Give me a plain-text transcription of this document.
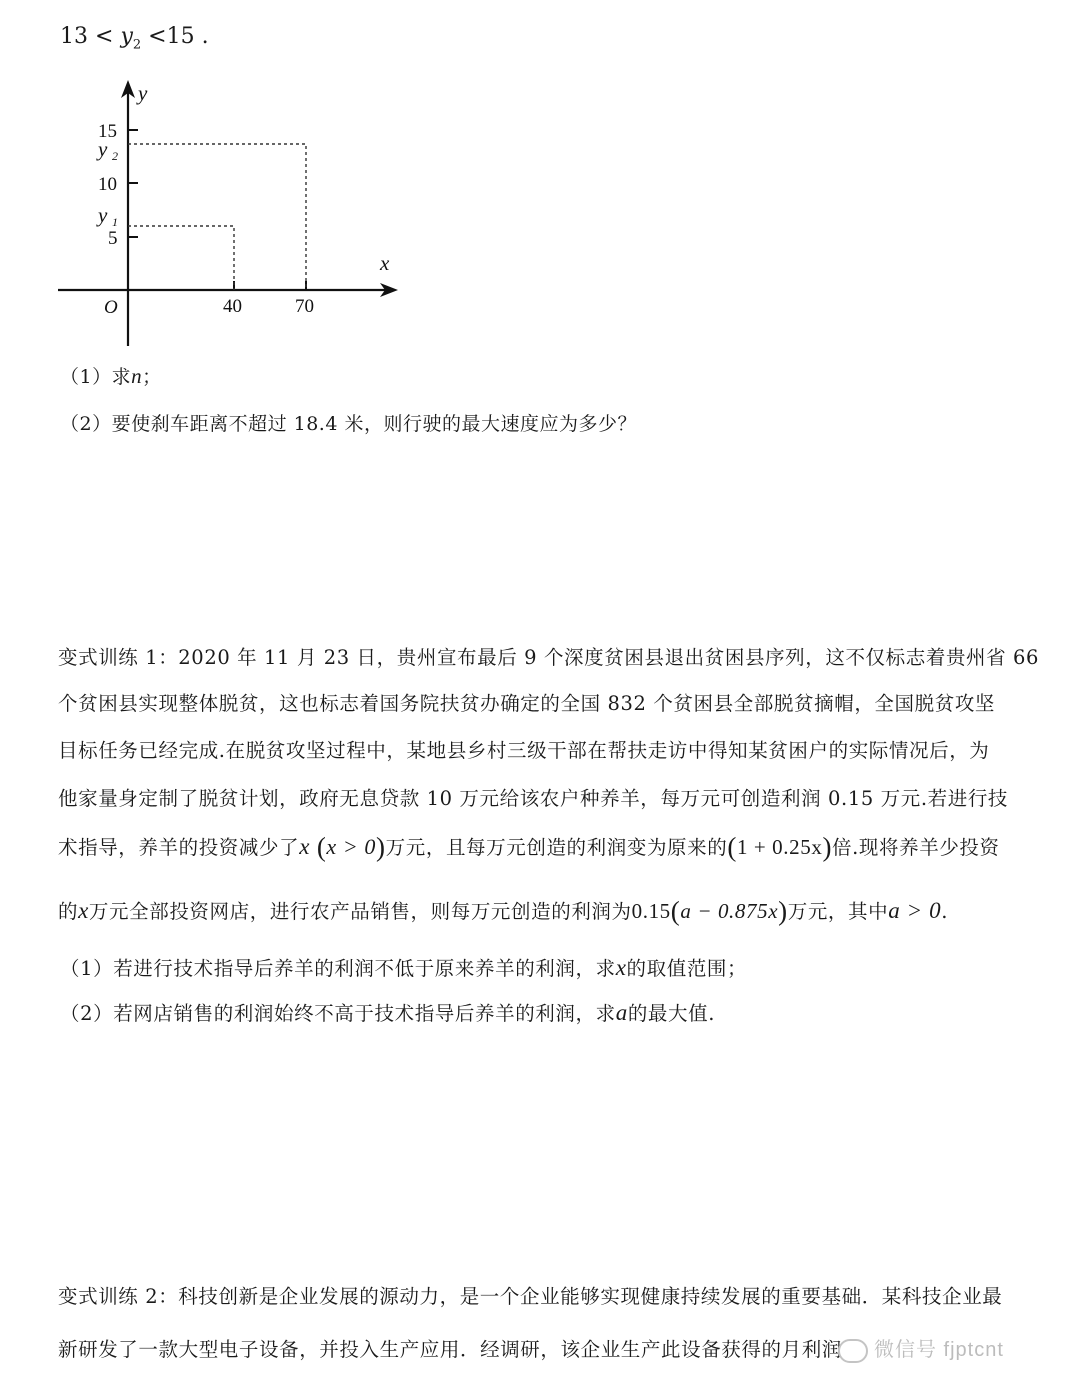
$13 < y_2 <15$ .
y
x
O
15
10
5
y 2
y 1
40	70
（1）求n；
（2）要使刹车距离不超过 18.4 米，则行驶的最大速度应为多少？
变式训练 1：2020 年 11 月 23 日，贵州宣布最后 9 个深度贫困县退出贫困县序列，这不仅标志着贵州省 66
个贫困县实现整体脱贫，这也标志着国务院扶贫办确定的全国 832 个贫困县全部脱贫摘帽，全国脱贫攻坚
目标任务已经完成.在脱贫攻坚过程中，某地县乡村三级干部在帮扶走访中得知某贫困户的实际情况后，为
他家量身定制了脱贫计划，政府无息贷款 10 万元给该农户种养羊，每万元可创造利润 0.15 万元.若进行技
术指导，养羊的投资减少了x (x > 0)万元，且每万元创造的利润变为原来的(1 + 0.25x)倍.现将养羊少投资
的x万元全部投资网店，进行农产品销售，则每万元创造的利润为0.15(a − 0.875x)万元，其中a > 0.
（1）若进行技术指导后养羊的利润不低于原来养羊的利润，求x的取值范围；
（2）若网店销售的利润始终不高于技术指导后养羊的利润，求a的最大值.
变式训练 2：科技创新是企业发展的源动力，是一个企业能够实现健康持续发展的重要基础．某科技企业最
新研发了一款大型电子设备，并投入生产应用．经调研，该企业生产此设备获得的月利润	微信号 fjptcnt
